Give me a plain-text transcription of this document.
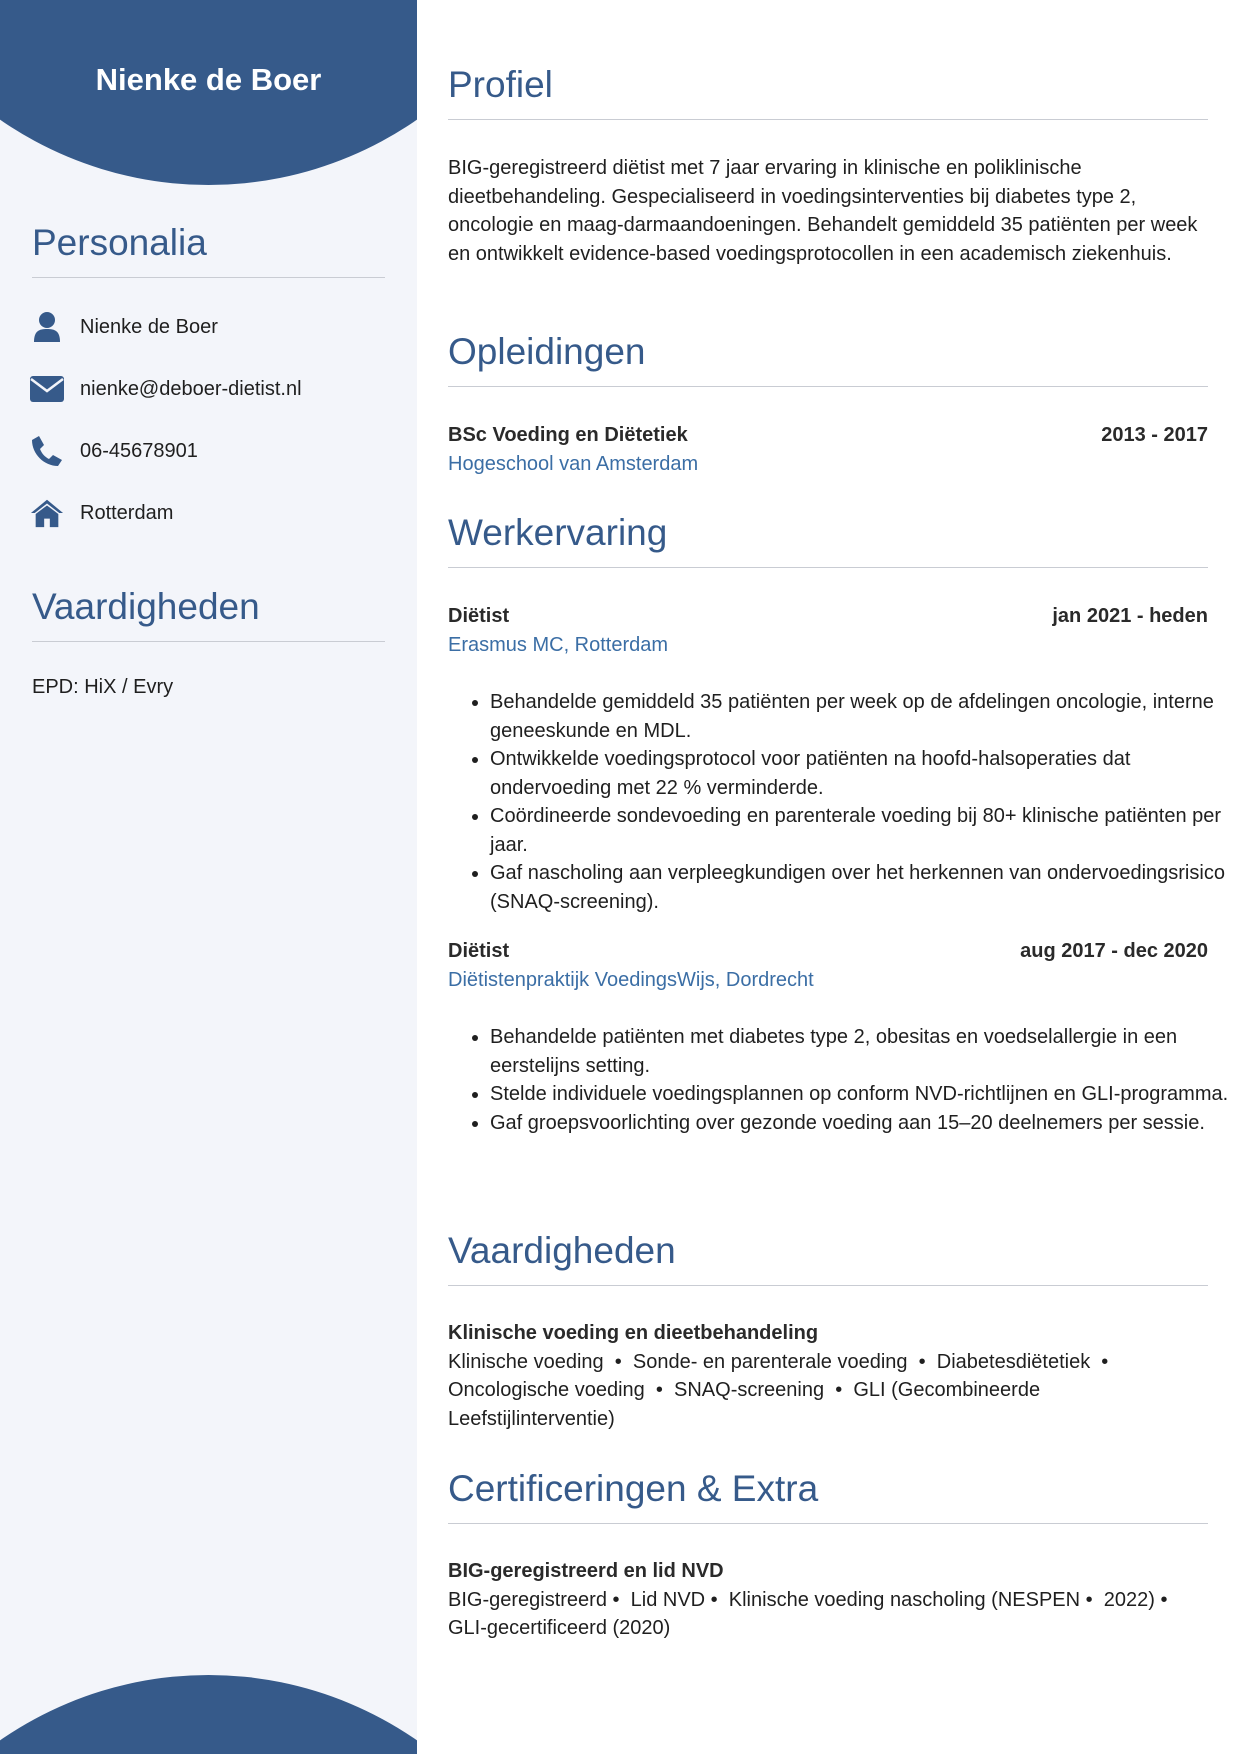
Nienke de Boer
Personalia
Nienke de Boer
nienke@deboer-dietist.nl
06-45678901
Rotterdam
Vaardigheden
EPD: HiX / Evry
Profiel
BIG-geregistreerd diëtist met 7 jaar ervaring in klinische en poliklinische dieetbehandeling. Gespecialiseerd in voedingsinterventies bij diabetes type 2, oncologie en maag-darmaandoeningen. Behandelt gemiddeld 35 patiënten per week en ontwikkelt evidence-based voedingsprotocollen in een academisch ziekenhuis.
Opleidingen
BSc Voeding en Diëtetiek	2013 - 2017
Hogeschool van Amsterdam
Werkervaring
Diëtist	jan 2021 - heden
Erasmus MC, Rotterdam
• Behandelde gemiddeld 35 patiënten per week op de afdelingen oncologie, interne geneeskunde en MDL.
• Ontwikkelde voedingsprotocol voor patiënten na hoofd-halsoperaties dat ondervoeding met 22 % verminderde.
• Coördineerde sondevoeding en parenterale voeding bij 80+ klinische patiënten per jaar.
• Gaf nascholing aan verpleegkundigen over het herkennen van ondervoedingsrisico (SNAQ-screening).
Diëtist	aug 2017 - dec 2020
Diëtistenpraktijk VoedingsWijs, Dordrecht
• Behandelde patiënten met diabetes type 2, obesitas en voedselallergie in een eerstelijns setting.
• Stelde individuele voedingsplannen op conform NVD-richtlijnen en GLI-programma.
• Gaf groepsvoorlichting over gezonde voeding aan 15–20 deelnemers per sessie.
Vaardigheden
Klinische voeding en dieetbehandeling
Klinische voeding  •  Sonde- en parenterale voeding  •  Diabetesdiëtetiek  •
Oncologische voeding  •  SNAQ-screening  •  GLI (Gecombineerde
Leefstijlinterventie)
Certificeringen & Extra
BIG-geregistreerd en lid NVD
BIG-geregistreerd •  Lid NVD •  Klinische voeding nascholing (NESPEN •  2022) •
GLI-gecertificeerd (2020)
